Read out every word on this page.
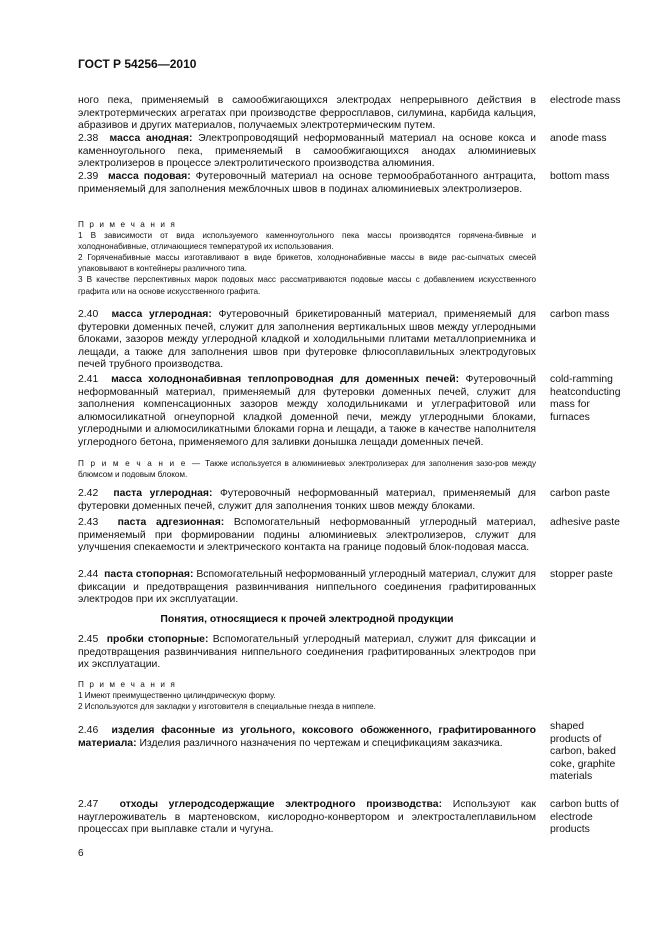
ГОСТ Р 54256—2010
ного пека, применяемый в самообжигающихся электродах непрерывного действия в электротермических агрегатах при производстве ферросплавов, силумина, карбида кальция, абразивов и других материалов, получаемых электротермическим путем.
electrode mass
2.38 масса анодная: Электропроводящий неформованный материал на основе кокса и каменноугольного пека, применяемый в самообжигающихся анодах алюминиевых электролизеров в процессе электролитического производства алюминия.
anode mass
2.39 масса подовая: Футеровочный материал на основе термообработанного антрацита, применяемый для заполнения межблочных швов в подинах алюминиевых электролизеров.
bottom mass
П р и м е ч а н и я
1 В зависимости от вида используемого каменноугольного пека массы производятся горячена-бивные и холоднонабивные, отличающиеся температурой их использования.
2 Горяченабивные массы изготавливают в виде брикетов, холоднонабивные массы в виде рас-сыпчатых смесей упаковывают в контейнеры различного типа.
3 В качестве перспективных марок подовых масс рассматриваются подовые массы с добавлением искусственного графита или на основе искусственного графита.
2.40 масса углеродная: Футеровочный брикетированный материал, применяемый для футеровки доменных печей, служит для заполнения вертикальных швов между углеродными блоками, зазоров между углеродной кладкой и холодильными плитами металлоприемника и лещади, а также для заполнения швов при футеровке флюсоплавильных электродуговых печей трубного производства.
carbon mass
2.41 масса холоднонабивная теплопроводная для доменных печей: Футеровочный неформованный материал, применяемый для футеровки доменных печей, служит для заполнения компенсационных зазоров между холодильниками и углеграфитовой или алюмосиликатной огнеупорной кладкой доменной печи, между углеродными блоками, углеродными и алюмосиликатными блоками горна и лещади, а также в качестве наполнителя углеродного бетона, применяемого для заливки донышка лещади доменных печей.
cold-ramming heatconducting mass for furnaces
П р и м е ч а н и е — Также используется в алюминиевых электролизерах для заполнения зазо-ров между блюмсом и подовым блоком.
2.42 паста углеродная: Футеровочный неформованный материал, применяемый для футеровки доменных печей, служит для заполнения тонких швов между блоками.
carbon paste
2.43 паста адгезионная: Вспомогательный неформованный углеродный материал, применяемый при формировании подины алюминиевых электролизеров, служит для улучшения спекаемости и электрического контакта на границе подовый блок-подовая масса.
adhesive paste
2.44 паста стопорная: Вспомогательный неформованный углеродный материал, служит для фиксации и предотвращения развинчивания ниппельного соединения графитированных электродов при их эксплуатации.
stopper paste
Понятия, относящиеся к прочей электродной продукции
2.45 пробки стопорные: Вспомогательный углеродный материал, служит для фиксации и предотвращения развинчивания ниппельного соединения графитированных электродов при их эксплуатации.
П р и м е ч а н и я
1 Имеют преимущественно цилиндрическую форму.
2 Используются для закладки у изготовителя в специальные гнезда в ниппеле.
2.46 изделия фасонные из угольного, коксового обожженного, графитированного материала: Изделия различного назначения по чертежам и спецификациям заказчика.
shaped products of carbon, baked coke, graphite materials
2.47 отходы углеродсодержащие электродного производства: Используют как науглероживатель в мартеновском, кислородно-конвертором и электросталеплавильном процессах при выплавке стали и чугуна.
carbon butts of electrode products
6
